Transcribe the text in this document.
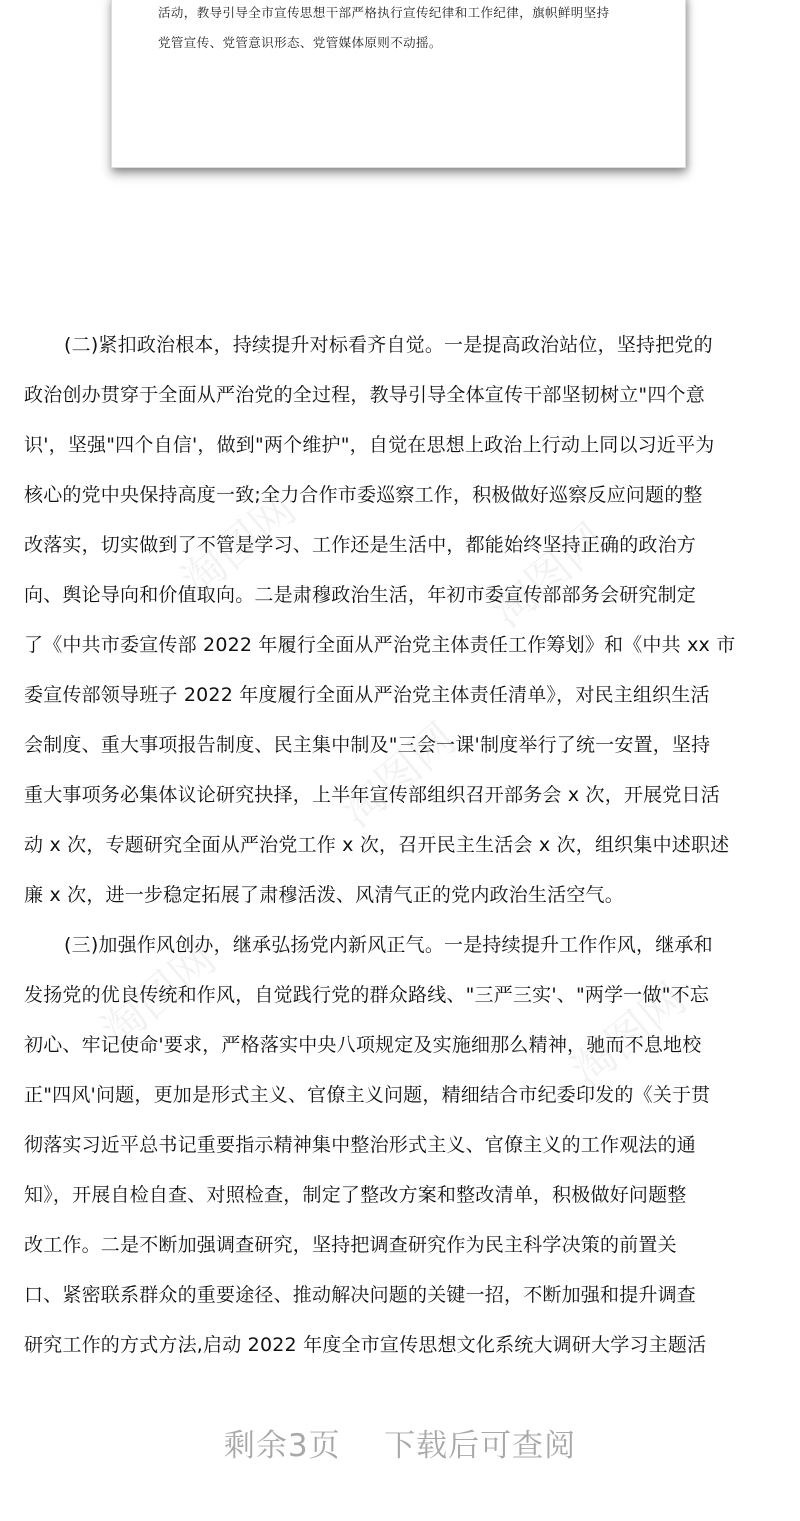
活动，教导引导全市宣传思想干部严格执行宣传纪律和工作纪律，旗帜鲜明坚持
党管宣传、党管意识形态、党管媒体原则不动摇。
淘图网	淘图网
淘图网
淘图网	淘图网
(二)紧扣政治根本，持续提升对标看齐自觉。一是提高政治站位，坚持把党的
政治创办贯穿于全面从严治党的全过程，教导引导全体宣传干部坚韧树立"四个意
识'，坚强"四个自信'，做到"两个维护"，自觉在思想上政治上行动上同以习近平为
核心的党中央保持高度一致;全力合作市委巡察工作，积极做好巡察反应问题的整
改落实，切实做到了不管是学习、工作还是生活中，都能始终坚持正确的政治方
向、舆论导向和价值取向。二是肃穆政治生活，年初市委宣传部部务会研究制定
了《中共市委宣传部 2022 年履行全面从严治党主体责任工作筹划》和《中共 xx 市
委宣传部领导班子 2022 年度履行全面从严治党主体责任清单》，对民主组织生活
会制度、重大事项报告制度、民主集中制及"三会一课'制度举行了统一安置，坚持
重大事项务必集体议论研究抉择，上半年宣传部组织召开部务会 x 次，开展党日活
动 x 次，专题研究全面从严治党工作 x 次，召开民主生活会 x 次，组织集中述职述
廉 x 次，进一步稳定拓展了肃穆活泼、风清气正的党内政治生活空气。
(三)加强作风创办，继承弘扬党内新风正气。一是持续提升工作作风，继承和
发扬党的优良传统和作风，自觉践行党的群众路线、"三严三实'、"两学一做"不忘
初心、牢记使命'要求，严格落实中央八项规定及实施细那么精神，驰而不息地校
正"四风'问题，更加是形式主义、官僚主义问题，精细结合市纪委印发的《关于贯
彻落实习近平总书记重要指示精神集中整治形式主义、官僚主义的工作观法的通
知》，开展自检自查、对照检查，制定了整改方案和整改清单，积极做好问题整
改工作。二是不断加强调查研究，坚持把调查研究作为民主科学决策的前置关
口、紧密联系群众的重要途径、推动解决问题的关键一招，不断加强和提升调查
研究工作的方式方法,启动 2022 年度全市宣传思想文化系统大调研大学习主题活
剩余3页 下载后可查阅
